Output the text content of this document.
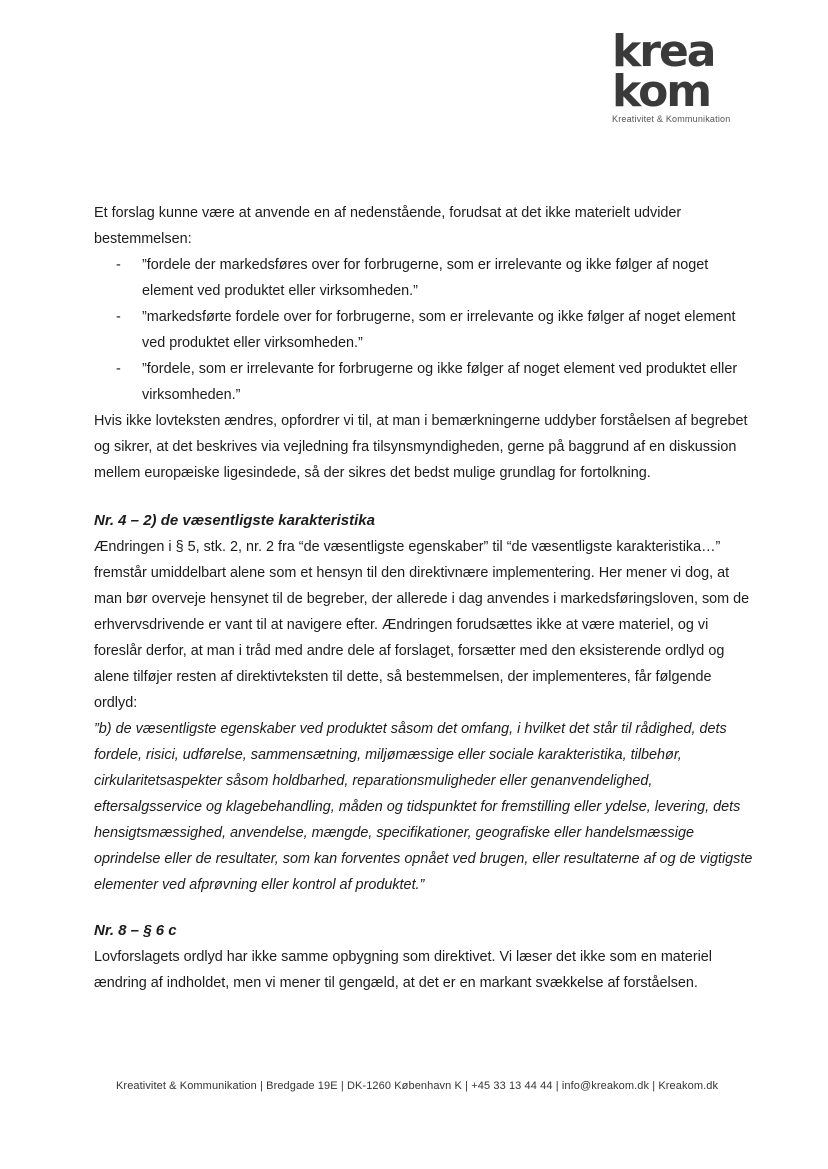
krea
kom
Kreativitet & Kommunikation

Et forslag kunne være at anvende en af nedenstående, forudsat at det ikke materielt udvider bestemmelsen:

- ”fordele der markedsføres over for forbrugerne, som er irrelevante og ikke følger af noget element ved produktet eller virksomheden.”
- ”markedsførte fordele over for forbrugerne, som er irrelevante og ikke følger af noget element ved produktet eller virksomheden.”
- ”fordele, som er irrelevante for forbrugerne og ikke følger af noget element ved produktet eller virksomheden.”

Hvis ikke lovteksten ændres, opfordrer vi til, at man i bemærkningerne uddyber forståelsen af begrebet og sikrer, at det beskrives via vejledning fra tilsynsmyndigheden, gerne på baggrund af en diskussion mellem europæiske ligesindede, så der sikres det bedst mulige grundlag for fortolkning.

Nr. 4 – 2) de væsentligste karakteristika

Ændringen i § 5, stk. 2, nr. 2 fra “de væsentligste egenskaber” til “de væsentligste karakteristika…” fremstår umiddelbart alene som et hensyn til den direktivnære implementering. Her mener vi dog, at man bør overveje hensynet til de begreber, der allerede i dag anvendes i markedsføringsloven, som de erhvervsdrivende er vant til at navigere efter. Ændringen forudsættes ikke at være materiel, og vi foreslår derfor, at man i tråd med andre dele af forslaget, forsætter med den eksisterende ordlyd og alene tilføjer resten af direktivteksten til dette, så bestemmelsen, der implementeres, får følgende ordlyd:

”b) de væsentligste egenskaber ved produktet såsom det omfang, i hvilket det står til rådighed, dets fordele, risici, udførelse, sammensætning, miljømæssige eller sociale karakteristika, tilbehør, cirkularitetsaspekter såsom holdbarhed, reparationsmuligheder eller genanvendelighed, eftersalgsservice og klagebehandling, måden og tidspunktet for fremstilling eller ydelse, levering, dets hensigtsmæssighed, anvendelse, mængde, specifikationer, geografiske eller handelsmæssige oprindelse eller de resultater, som kan forventes opnået ved brugen, eller resultaterne af og de vigtigste elementer ved afprøvning eller kontrol af produktet.”

Nr. 8 – § 6 c

Lovforslagets ordlyd har ikke samme opbygning som direktivet. Vi læser det ikke som en materiel ændring af indholdet, men vi mener til gengæld, at det er en markant svækkelse af forståelsen.

Kreativitet & Kommunikation | Bredgade 19E | DK-1260 København K | +45 33 13 44 44 | info@kreakom.dk | Kreakom.dk
